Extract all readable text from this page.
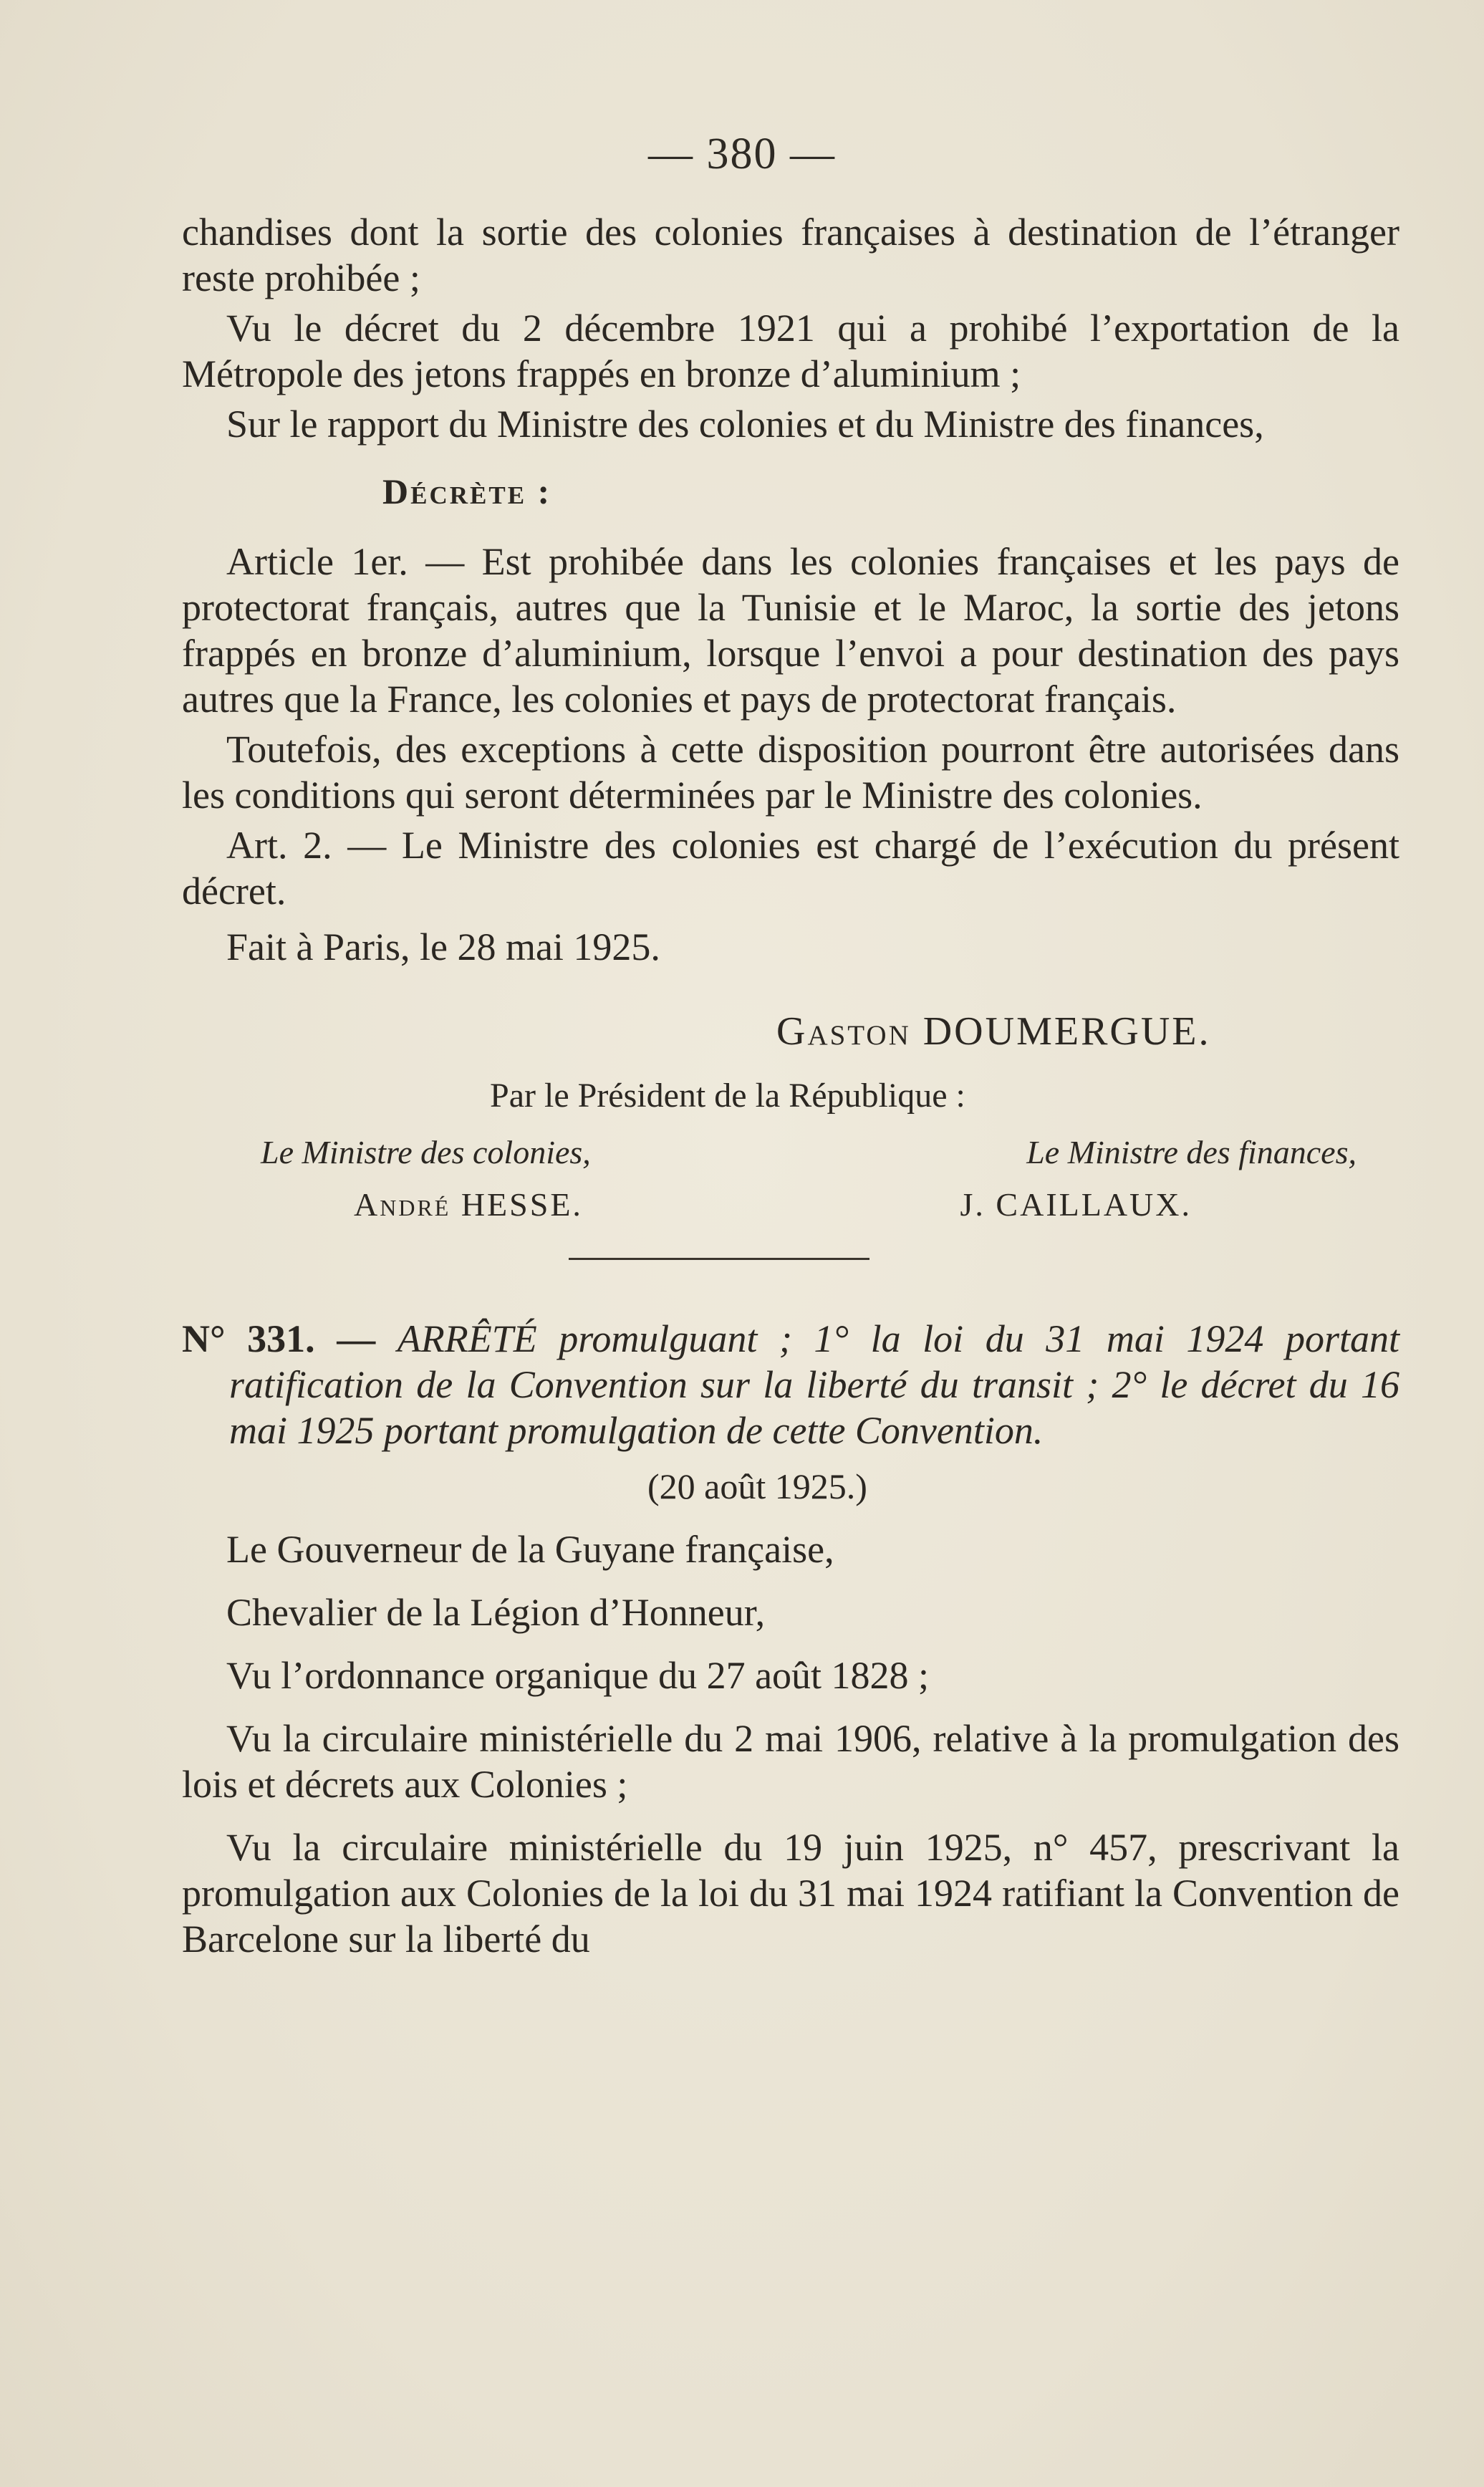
— 380 —

chandises dont la sortie des colonies françaises à destination de l’étranger reste prohibée ;

Vu le décret du 2 décembre 1921 qui a prohibé l’exportation de la Métropole des jetons frappés en bronze d’aluminium ;

Sur le rapport du Ministre des colonies et du Ministre des finances,

Décrète :

Article 1er. — Est prohibée dans les colonies françaises et les pays de protectorat français, autres que la Tunisie et le Maroc, la sortie des jetons frappés en bronze d’aluminium, lorsque l’envoi a pour destination des pays autres que la France, les colonies et pays de protectorat français.

Toutefois, des exceptions à cette disposition pourront être autorisées dans les conditions qui seront déterminées par le Ministre des colonies.

Art. 2. — Le Ministre des colonies est chargé de l’exécution du présent décret.

Fait à Paris, le 28 mai 1925.

Gaston DOUMERGUE.

Par le Président de la République :

Le Ministre des colonies,	Le Ministre des finances,
André HESSE.	J. CAILLAUX.

N° 331. — ARRÊTÉ promulguant ; 1° la loi du 31 mai 1924 portant ratification de la Convention sur la liberté du transit ; 2° le décret du 16 mai 1925 portant promulgation de cette Convention.

(20 août 1925.)

Le Gouverneur de la Guyane française,

Chevalier de la Légion d’Honneur,

Vu l’ordonnance organique du 27 août 1828 ;

Vu la circulaire ministérielle du 2 mai 1906, relative à la promulgation des lois et décrets aux Colonies ;

Vu la circulaire ministérielle du 19 juin 1925, n° 457, prescrivant la promulgation aux Colonies de la loi du 31 mai 1924 ratifiant la Convention de Barcelone sur la liberté du
